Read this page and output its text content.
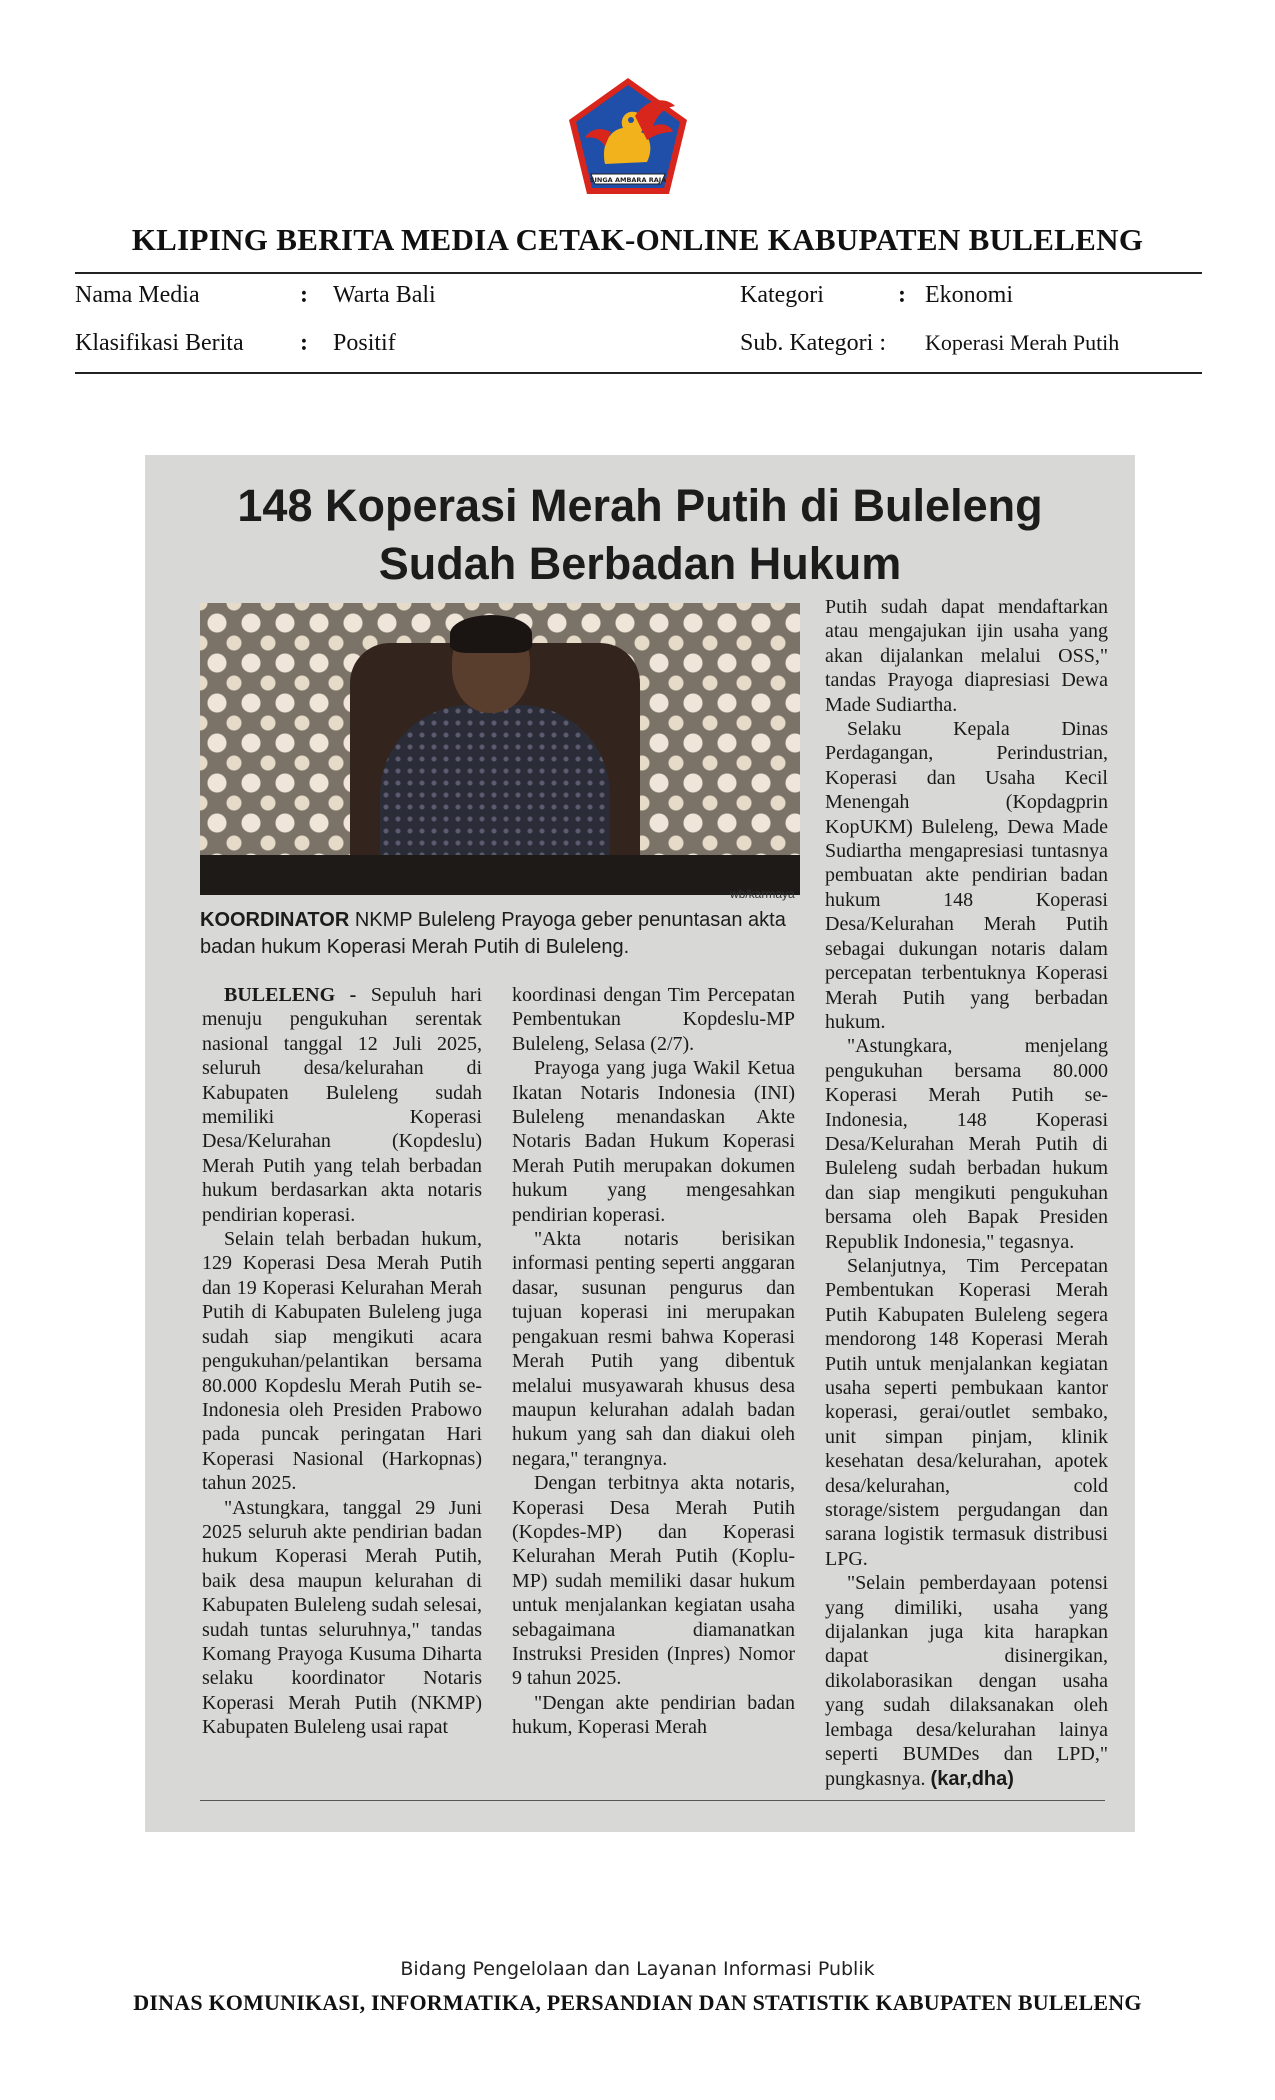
SINGA AMBARA RAJA
KLIPING BERITA MEDIA CETAK-ONLINE KABUPATEN BULELENG
Nama Media	: Warta Bali	Kategori	: Ekonomi
Klasifikasi Berita : Positif	Sub. Kategori : Koperasi Merah Putih
148 Koperasi Merah Putih di Buleleng
Sudah Berbadan Hukum
wb/karmaya
KOORDINATOR NKMP Buleleng Prayoga geber penuntasan akta badan hukum Koperasi Merah Putih di Buleleng.

BULELENG - Sepuluh hari menuju pengukuhan serentak nasional tanggal 12 Juli 2025, seluruh desa/kelurahan di Kabupaten Buleleng sudah memiliki Koperasi Desa/Kelurahan (Kopdeslu) Merah Putih yang telah berbadan hukum berdasarkan akta notaris pendirian koperasi.

Selain telah berbadan hukum, 129 Koperasi Desa Merah Putih dan 19 Koperasi Kelurahan Merah Putih di Kabupaten Buleleng juga sudah siap mengikuti acara pengukuhan/pelantikan bersama 80.000 Kopdeslu Merah Putih se-Indonesia oleh Presiden Prabowo pada puncak peringatan Hari Koperasi Nasional (Harkopnas) tahun 2025.

"Astungkara, tanggal 29 Juni 2025 seluruh akte pendirian badan hukum Koperasi Merah Putih, baik desa maupun kelurahan di Kabupaten Buleleng sudah selesai, sudah tuntas seluruhnya," tandas Komang Prayoga Kusuma Diharta selaku koordinator Notaris Koperasi Merah Putih (NKMP) Kabupaten Buleleng usai rapat

koordinasi dengan Tim Percepatan Pembentukan Kopdeslu-MP Buleleng, Selasa (2/7).

Prayoga yang juga Wakil Ketua Ikatan Notaris Indonesia (INI) Buleleng menandaskan Akte Notaris Badan Hukum Koperasi Merah Putih merupakan dokumen hukum yang mengesahkan pendirian koperasi.

"Akta notaris berisikan informasi penting seperti anggaran dasar, susunan pengurus dan tujuan koperasi ini merupakan pengakuan resmi bahwa Koperasi Merah Putih yang dibentuk melalui musyawarah khusus desa maupun kelurahan adalah badan hukum yang sah dan diakui oleh negara," terangnya.

Dengan terbitnya akta notaris, Koperasi Desa Merah Putih (Kopdes-MP) dan Koperasi Kelurahan Merah Putih (Koplu-MP) sudah memiliki dasar hukum untuk menjalankan kegiatan usaha sebagaimana diamanatkan Instruksi Presiden (Inpres) Nomor 9 tahun 2025.

"Dengan akte pendirian badan hukum, Koperasi Merah

Putih sudah dapat mendaftarkan atau mengajukan ijin usaha yang akan dijalankan melalui OSS," tandas Prayoga diapresiasi Dewa Made Sudiartha.

Selaku Kepala Dinas Perdagangan, Perindustrian, Koperasi dan Usaha Kecil Menengah (Kopdagprin KopUKM) Buleleng, Dewa Made Sudiartha mengapresiasi tuntasnya pembuatan akte pendirian badan hukum 148 Koperasi Desa/Kelurahan Merah Putih sebagai dukungan notaris dalam percepatan terbentuknya Koperasi Merah Putih yang berbadan hukum.

"Astungkara, menjelang pengukuhan bersama 80.000 Koperasi Merah Putih se-Indonesia, 148 Koperasi Desa/Kelurahan Merah Putih di Buleleng sudah berbadan hukum dan siap mengikuti pengukuhan bersama oleh Bapak Presiden Republik Indonesia," tegasnya.

Selanjutnya, Tim Percepatan Pembentukan Koperasi Merah Putih Kabupaten Buleleng segera mendorong 148 Koperasi Merah Putih untuk menjalankan kegiatan usaha seperti pembukaan kantor koperasi, gerai/outlet sembako, unit simpan pinjam, klinik kesehatan desa/kelurahan, apotek desa/kelurahan, cold storage/sistem pergudangan dan sarana logistik termasuk distribusi LPG.

"Selain pemberdayaan potensi yang dimiliki, usaha yang dijalankan juga kita harapkan dapat disinergikan, dikolaborasikan dengan usaha yang sudah dilaksanakan oleh lembaga desa/kelurahan lainya seperti BUMDes dan LPD," pungkasnya. (kar,dha)

Bidang Pengelolaan dan Layanan Informasi Publik
DINAS KOMUNIKASI, INFORMATIKA, PERSANDIAN DAN STATISTIK KABUPATEN BULELENG
